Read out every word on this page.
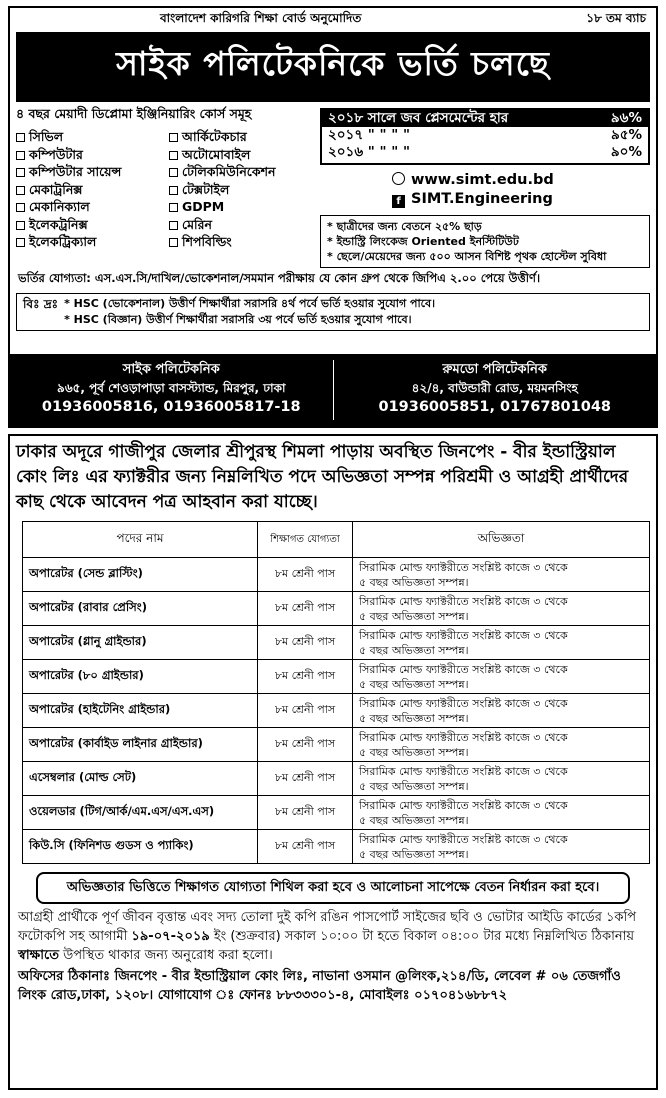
বাংলাদেশ কারিগরি শিক্ষা বোর্ড অনুমোদিত	১৮ তম ব্যাচ
সাইক পলিটেকনিকে ভর্তি চলছে
৪ বছর মেয়াদী ডিপ্লোমা ইঞ্জিনিয়ারিং কোর্স সমূহ
সিভিল	আর্কিটেকচার
কম্পিউটার	অটোমোবাইল
কম্পিউটার সায়েন্স	টেলিকমিউনিকেশন
মেকাট্রনিক্স	টেক্সটাইল
মেকানিক্যাল	GDPM
ইলেকট্রনিক্স	মেরিন
ইলেকট্রিক্যাল	শিপবিল্ডিং
২০১৮ সালে জব প্লেসমেন্টের হার	৯৬%
২০১৭ " " " "	৯৫%
২০১৬ " " " "	৯০%
www.simt.edu.bd
f SIMT.Engineering
* ছাত্রীদের জন্য বেতনে ২৫% ছাড়
* ইন্ডাস্ট্রি লিংকেজ Oriented ইনস্টিটিউট
* ছেলে/মেয়েদের জন্য ৫০০ আসন বিশিষ্ট পৃথক হোস্টেল সুবিধা
ভর্তির যোগ্যতা: এস.এস.সি/দাখিল/ভোকেশনাল/সমমান পরীক্ষায় যে কোন গ্রুপ থেকে জিপিএ ২.০০ পেয়ে উত্তীর্ণ।
বিঃ দ্রঃ * HSC (ভোকেশনাল) উত্তীর্ণ শিক্ষার্থীরা সরাসরি ৪র্থ পর্বে ভর্তি হওয়ার সুযোগ পাবে।
* HSC (বিজ্ঞান) উত্তীর্ণ শিক্ষার্থীরা সরাসরি ৩য় পর্বে ভর্তি হওয়ার সুযোগ পাবে।
সাইক পলিটেকনিক
৯৬৫, পূর্ব শেওড়াপাড়া বাসস্ট্যান্ড, মিরপুর, ঢাকা
01936005816, 01936005817-18
রুমডো পলিটেকনিক
৪২/৪, বাউন্ডারী রোড, ময়মনসিংহ
01936005851, 01767801048
ঢাকার অদূরে গাজীপুর জেলার শ্রীপুরস্থ শিমলা পাড়ায় অবস্থিত জিনপেং - বীর ইন্ডাস্ট্রিয়াল কোং লিঃ এর ফ্যাক্টরীর জন্য নিম্নলিখিত পদে অভিজ্ঞতা সম্পন্ন পরিশ্রমী ও আগ্রহী প্রার্থীদের কাছ থেকে আবেদন পত্র আহবান করা যাচ্ছে।
পদের নাম	শিক্ষাগত যোগ্যতা	অভিজ্ঞতা
অপারেটর (সেন্ড ব্লাস্টিং)	৮ম শ্রেনী পাস	সিরামিক মোল্ড ফ্যাক্টরীতে সংশ্লিষ্ট কাজে ৩ থেকে
৫ বছর অভিজ্ঞতা সম্পন্ন।

অপারেটর (রাবার প্রেসিং)	৮ম শ্রেনী পাস	সিরামিক মোল্ড ফ্যাক্টরীতে সংশ্লিষ্ট কাজে ৩ থেকে
৫ বছর অভিজ্ঞতা সম্পন্ন।

অপারেটর (গ্লানু গ্রাইন্ডার)	৮ম শ্রেনী পাস	সিরামিক মোল্ড ফ্যাক্টরীতে সংশ্লিষ্ট কাজে ৩ থেকে
৫ বছর অভিজ্ঞতা সম্পন্ন।

অপারেটর (৮০ গ্রাইন্ডার)	৮ম শ্রেনী পাস	সিরামিক মোল্ড ফ্যাক্টরীতে সংশ্লিষ্ট কাজে ৩ থেকে
৫ বছর অভিজ্ঞতা সম্পন্ন।

অপারেটর (হাইটেনিং গ্রাইন্ডার)	৮ম শ্রেনী পাস	সিরামিক মোল্ড ফ্যাক্টরীতে সংশ্লিষ্ট কাজে ৩ থেকে
৫ বছর অভিজ্ঞতা সম্পন্ন।

অপারেটর (কার্বাইড লাইনার গ্রাইন্ডার)	৮ম শ্রেনী পাস	সিরামিক মোল্ড ফ্যাক্টরীতে সংশ্লিষ্ট কাজে ৩ থেকে
৫ বছর অভিজ্ঞতা সম্পন্ন।

এসেম্বলার (মোল্ড সেট)	৮ম শ্রেনী পাস	সিরামিক মোল্ড ফ্যাক্টরীতে সংশ্লিষ্ট কাজে ৩ থেকে
৫ বছর অভিজ্ঞতা সম্পন্ন।

ওয়েলডার (টিগ/আর্ক/এম.এস/এস.এস)	৮ম শ্রেনী পাস	সিরামিক মোল্ড ফ্যাক্টরীতে সংশ্লিষ্ট কাজে ৩ থেকে
৫ বছর অভিজ্ঞতা সম্পন্ন।

কিউ.সি (ফিনিশড গুডস ও প্যাকিং)	৮ম শ্রেনী পাস	সিরামিক মোল্ড ফ্যাক্টরীতে সংশ্লিষ্ট কাজে ৩ থেকে
৫ বছর অভিজ্ঞতা সম্পন্ন।
অভিজ্ঞতার ভিত্তিতে শিক্ষাগত যোগ্যতা শিথিল করা হবে ও আলোচনা সাপেক্ষে বেতন নির্ধারন করা হবে।
আগ্রহী প্রার্থীকে পূর্ণ জীবন বৃত্তান্ত এবং সদ্য তোলা দুই কপি রঙিন পাসপোর্ট সাইজের ছবি ও ভোটার আইডি কার্ডের ১কপি ফটোকপি সহ আগামী ১৯-০৭-২০১৯ ইং (শুক্রবার) সকাল ১০:০০ টা হতে বিকাল ০৪:০০ টার মধ্যে নিম্নলিখিত ঠিকানায় স্বাক্ষাতে উপস্থিত থাকার জন্য অনুরোধ করা হলো।
অফিসের ঠিকানাঃ জিনপেং - বীর ইন্ডাস্ট্রিয়াল কোং লিঃ, নাভানা ওসমান @লিংক,২১৪/ডি, লেবেল # ০৬ তেজগাঁও লিংক রোড,ঢাকা, ১২০৮। যোগাযোগ ঃ ফোনঃ ৮৮৩৩৩০১-৪, মোবাইলঃ ০১৭০৪১৬৮৮৭২
